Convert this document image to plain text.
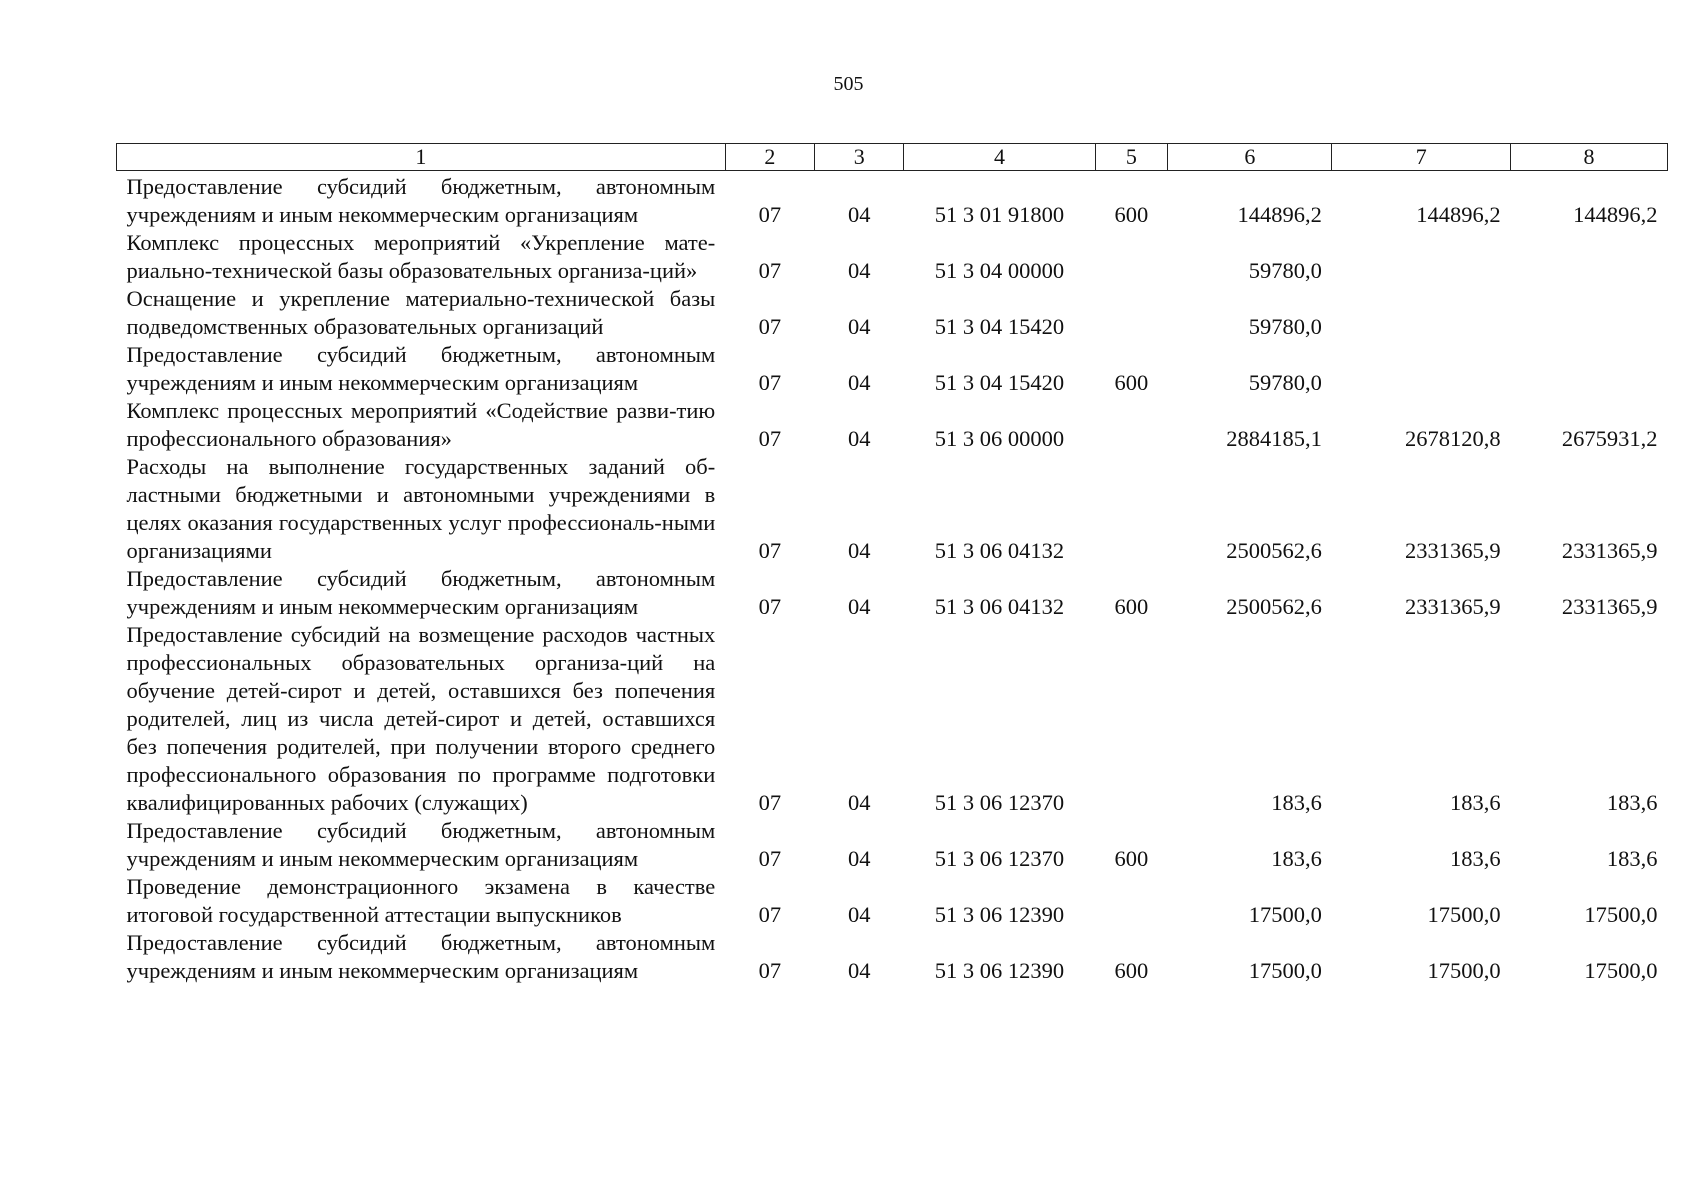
505
1	2	3	4	5	6	7	8
Предоставление субсидий бюджетным, автономным учреждениям и иным некоммерческим организациям	07	04	51 3 01 91800	600	144896,2	144896,2	144896,2
Комплекс процессных мероприятий «Укрепление мате-риально-технической базы образовательных организа-ций»	07	04	51 3 04 00000		59780,0		
Оснащение и укрепление материально-технической базы подведомственных образовательных организаций	07	04	51 3 04 15420		59780,0		
Предоставление субсидий бюджетным, автономным учреждениям и иным некоммерческим организациям	07	04	51 3 04 15420	600	59780,0		
Комплекс процессных мероприятий «Содействие разви-тию профессионального образования»	07	04	51 3 06 00000		2884185,1	2678120,8	2675931,2
Расходы на выполнение государственных заданий об-ластными бюджетными и автономными учреждениями в целях оказания государственных услуг профессиональ-ными организациями	07	04	51 3 06 04132		2500562,6	2331365,9	2331365,9
Предоставление субсидий бюджетным, автономным учреждениям и иным некоммерческим организациям	07	04	51 3 06 04132	600	2500562,6	2331365,9	2331365,9
Предоставление субсидий на возмещение расходов частных профессиональных образовательных организа-ций на обучение детей-сирот и детей, оставшихся без попечения родителей, лиц из числа детей-сирот и детей, оставшихся без попечения родителей, при получении второго среднего профессионального образования по программе подготовки квалифицированных рабочих (служащих)	07	04	51 3 06 12370		183,6	183,6	183,6
Предоставление субсидий бюджетным, автономным учреждениям и иным некоммерческим организациям	07	04	51 3 06 12370	600	183,6	183,6	183,6
Проведение демонстрационного экзамена в качестве итоговой государственной аттестации выпускников	07	04	51 3 06 12390		17500,0	17500,0	17500,0
Предоставление субсидий бюджетным, автономным учреждениям и иным некоммерческим организациям	07	04	51 3 06 12390	600	17500,0	17500,0	17500,0
